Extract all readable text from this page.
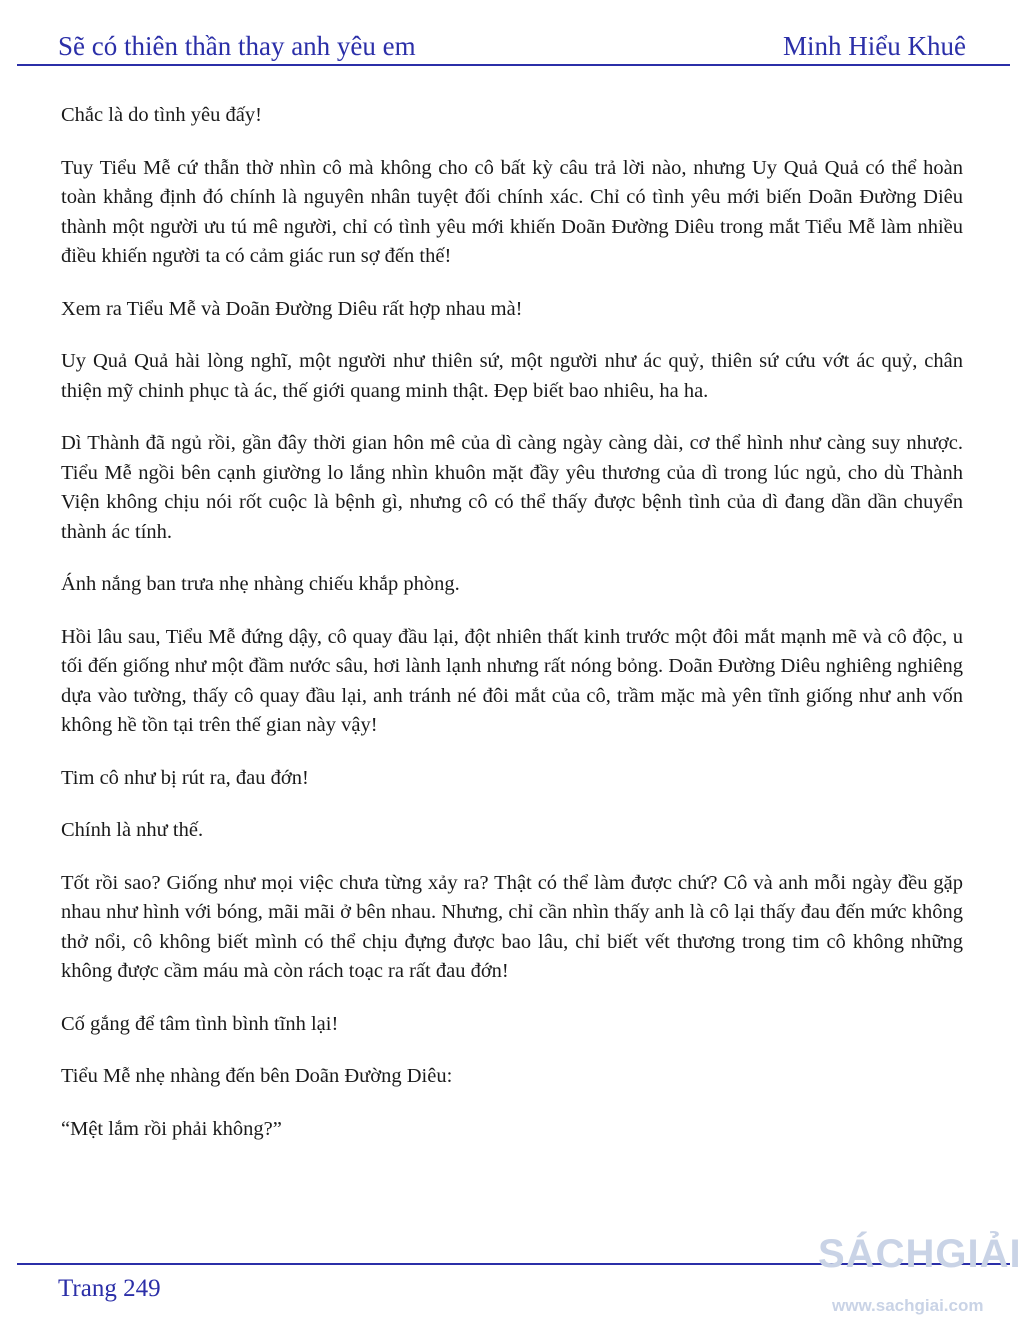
Sẽ có thiên thần thay anh yêu em	Minh Hiểu Khuê

Chắc là do tình yêu đấy!

Tuy Tiểu Mễ cứ thẫn thờ nhìn cô mà không cho cô bất kỳ câu trả lời nào, nhưng Uy Quả Quả có thể hoàn toàn khẳng định đó chính là nguyên nhân tuyệt đối chính xác. Chỉ có tình yêu mới biến Doãn Đường Diêu thành một người ưu tú mê người, chỉ có tình yêu mới khiến Doãn Đường Diêu trong mắt Tiểu Mễ làm nhiều điều khiến người ta có cảm giác run sợ đến thế!

Xem ra Tiểu Mễ và Doãn Đường Diêu rất hợp nhau mà!

Uy Quả Quả hài lòng nghĩ, một người như thiên sứ, một người như ác quỷ, thiên sứ cứu vớt ác quỷ, chân thiện mỹ chinh phục tà ác, thế giới quang minh thật. Đẹp biết bao nhiêu, ha ha.

Dì Thành đã ngủ rồi, gần đây thời gian hôn mê của dì càng ngày càng dài, cơ thể hình như càng suy nhược. Tiểu Mễ ngồi bên cạnh giường lo lắng nhìn khuôn mặt đầy yêu thương của dì trong lúc ngủ, cho dù Thành Viện không chịu nói rốt cuộc là bệnh gì, nhưng cô có thể thấy được bệnh tình của dì đang dần dần chuyển thành ác tính.

Ánh nắng ban trưa nhẹ nhàng chiếu khắp phòng.

Hồi lâu sau, Tiểu Mễ đứng dậy, cô quay đầu lại, đột nhiên thất kinh trước một đôi mắt mạnh mẽ và cô độc, u tối đến giống như một đầm nước sâu, hơi lành lạnh nhưng rất nóng bỏng. Doãn Đường Diêu nghiêng nghiêng dựa vào tường, thấy cô quay đầu lại, anh tránh né đôi mắt của cô, trầm mặc mà yên tĩnh giống như anh vốn không hề tồn tại trên thế gian này vậy!

Tim cô như bị rút ra, đau đớn!

Chính là như thế.

Tốt rồi sao? Giống như mọi việc chưa từng xảy ra? Thật có thể làm được chứ? Cô và anh mỗi ngày đều gặp nhau như hình với bóng, mãi mãi ở bên nhau. Nhưng, chỉ cần nhìn thấy anh là cô lại thấy đau đến mức không thở nổi, cô không biết mình có thể chịu đựng được bao lâu, chỉ biết vết thương trong tim cô không những không được cầm máu mà còn rách toạc ra rất đau đớn!

Cố gắng để tâm tình bình tĩnh lại!

Tiểu Mễ nhẹ nhàng đến bên Doãn Đường Diêu:

“Mệt lắm rồi phải không?”

Trang 249
SÁCHGIẢI
www.sachgiai.com
